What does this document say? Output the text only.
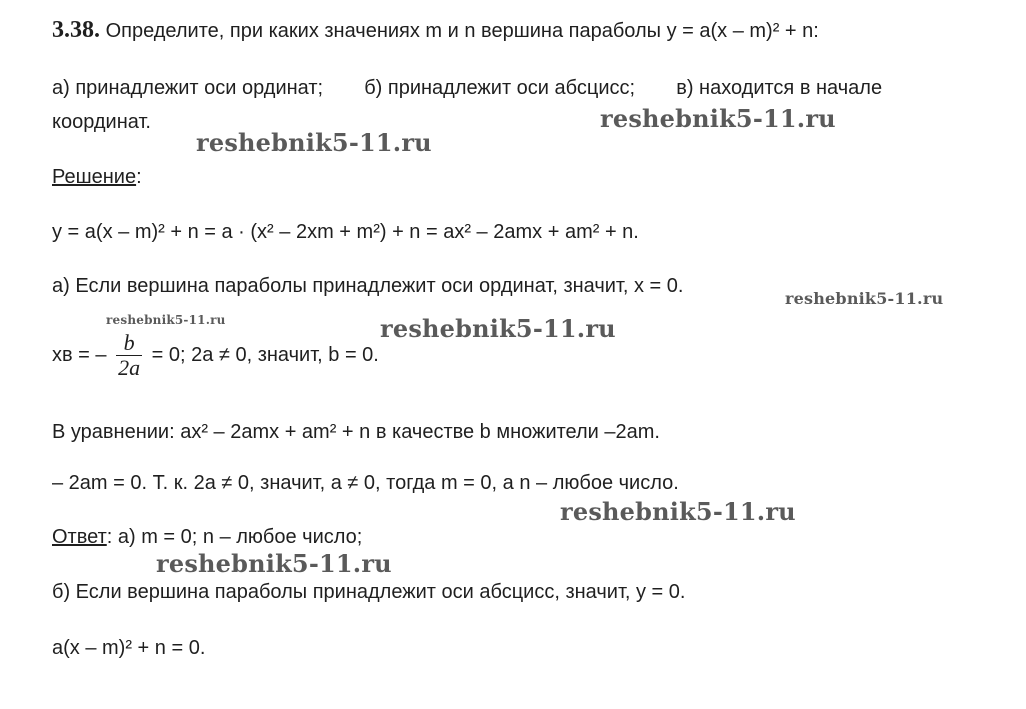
3.38. Определите, при каких значениях m и n вершина параболы y = a(x – m)² + n:
а) принадлежит оси ординат; б) принадлежит оси абсцисс; в) находится в начале
координат.
Решение:
y = a(x – m)² + n = a · (x² – 2xm + m²) + n = ax² – 2amx + am² + n.
а) Если вершина параболы принадлежит оси ординат, значит, x = 0.
xв = – $\frac{b}{2a} = 0$; 2a ≠ 0, значит, b = 0.
В уравнении: ax² – 2amx + am² + n в качестве b множители –2am.
– 2am = 0. Т. к. 2a ≠ 0, значит, a ≠ 0, тогда m = 0, а n – любое число.
Ответ: а) m = 0; n – любое число;
б) Если вершина параболы принадлежит оси абсцисс, значит, y = 0.
a(x – m)² + n = 0.
reshebnik5-11.ru
reshebnik5-11.ru
reshebnik5-11.ru
reshebnik5-11.ru	reshebnik5-11.ru
reshebnik5-11.ru
reshebnik5-11.ru
